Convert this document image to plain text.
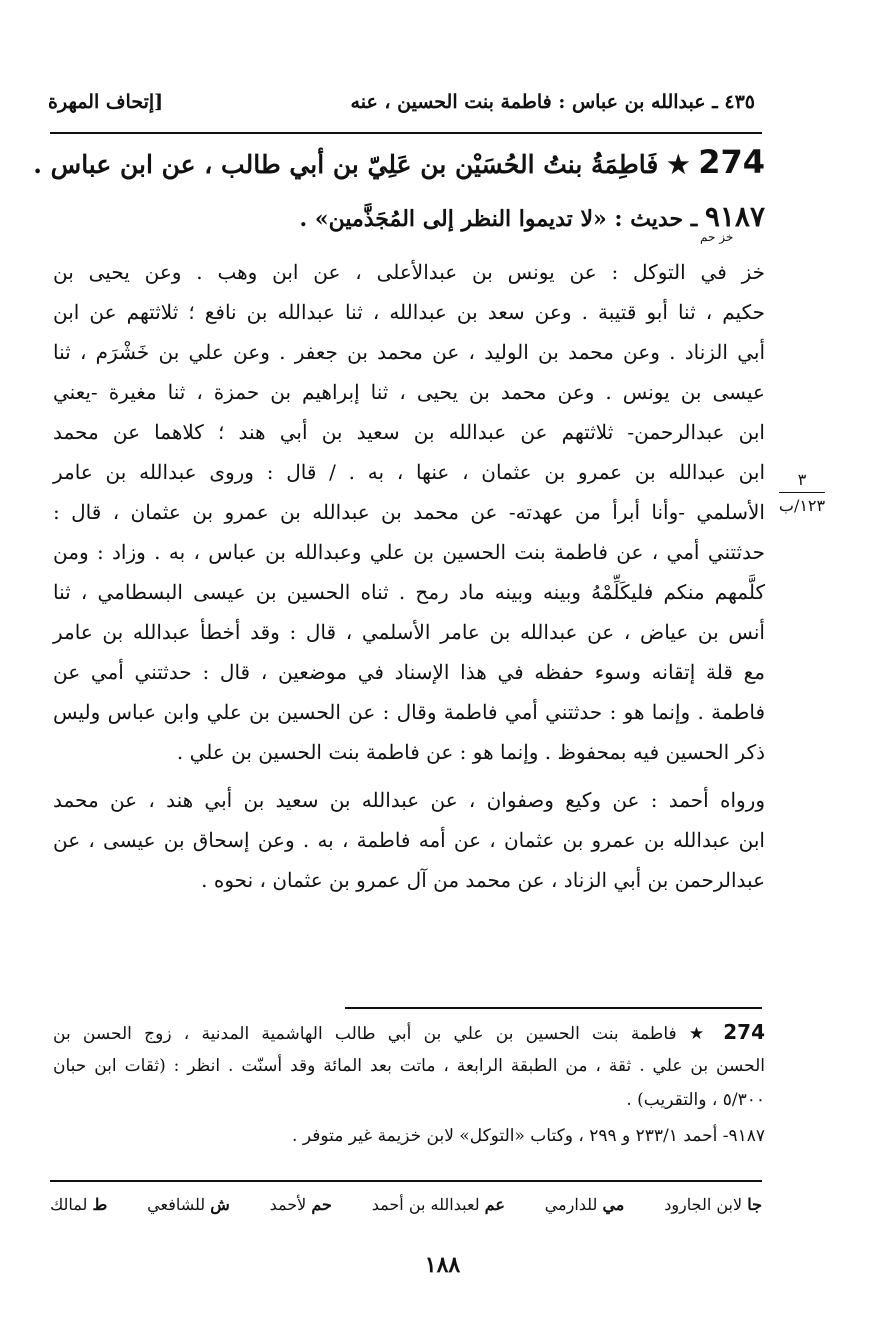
٤٣٥ ـ عبدالله بن عباس : فاطمة بنت الحسين ، عنه
[إتحاف المهرة
274 ★ فَاطِمَةُ بنتُ الحُسَيْن بن عَلِيّ بن أبي طالب ، عن ابن عباس .
٩١٨٧ ـ حديث : «لا تديموا النظر إلى المُجَذَّمين» .
خز حم
خز في التوكل : عن يونس بن عبدالأعلى ، عن ابن وهب . وعن يحيى بن
حكيم ، ثنا أبو قتيبة . وعن سعد بن عبدالله ، ثنا عبدالله بن نافع ؛ ثلاثتهم عن ابن
أبي الزناد . وعن محمد بن الوليد ، عن محمد بن جعفر . وعن علي بن خَشْرَم ، ثنا
عيسى بن يونس . وعن محمد بن يحيى ، ثنا إبراهيم بن حمزة ، ثنا مغيرة -يعني
ابن عبدالرحمن- ثلاثتهم عن عبدالله بن سعيد بن أبي هند ؛ كلاهما عن محمد
ابن عبدالله بن عمرو بن عثمان ، عنها ، به . / قال : وروى عبدالله بن عامر
الأسلمي -وأنا أبرأ من عهدته- عن محمد بن عبدالله بن عمرو بن عثمان ، قال :
حدثتني أمي ، عن فاطمة بنت الحسين بن علي وعبدالله بن عباس ، به . وزاد : ومن
كلَّمهم منكم فليكَلِّمْهُ وبينه وبينه ماد رمح . ثناه الحسين بن عيسى البسطامي ، ثنا
أنس بن عياض ، عن عبدالله بن عامر الأسلمي ، قال : وقد أخطأ عبدالله بن عامر
مع قلة إتقانه وسوء حفظه في هذا الإسناد في موضعين ، قال : حدثتني أمي عن
فاطمة . وإنما هو : حدثتني أمي فاطمة وقال : عن الحسين بن علي وابن عباس وليس
ذكر الحسين فيه بمحفوظ . وإنما هو : عن فاطمة بنت الحسين بن علي .
ورواه أحمد : عن وكيع وصفوان ، عن عبدالله بن سعيد بن أبي هند ، عن محمد
ابن عبدالله بن عمرو بن عثمان ، عن أمه فاطمة ، به . وعن إسحاق بن عيسى ، عن
عبدالرحمن بن أبي الزناد ، عن محمد من آل عمرو بن عثمان ، نحوه .
٣
١٢٣/ب
274 ★ فاطمة بنت الحسين بن علي بن أبي طالب الهاشمية المدنية ، زوج الحسن بن
الحسن بن علي . ثقة ، من الطبقة الرابعة ، ماتت بعد المائة وقد أسنّت . انظر : (ثقات ابن حبان
٥/٣٠٠ ، والتقريب) .
٩١٨٧- أحمد ٢٣٣/١ و ٢٩٩ ، وكتاب «التوكل» لابن خزيمة غير متوفر .
ط لمالك	ش للشافعي	حم لأحمد	عم لعبدالله بن أحمد	مي للدارمي	جا لابن الجارود
١٨٨
